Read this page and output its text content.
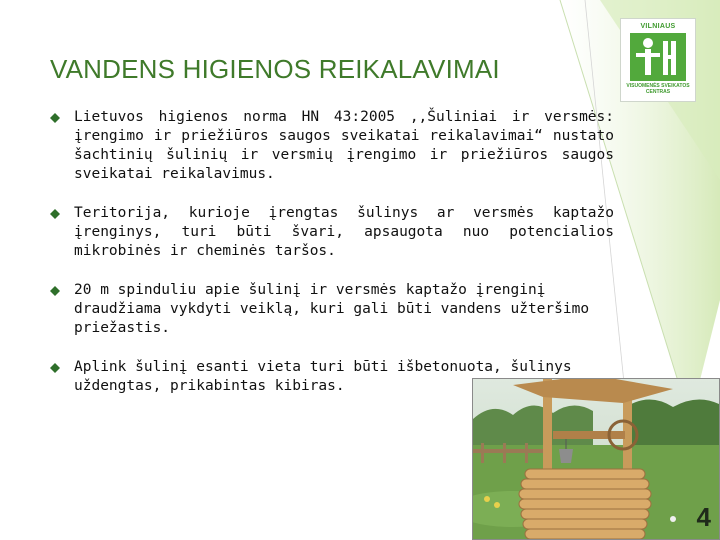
VANDENS HIGIENOS REIKALAVIMAI
Lietuvos higienos norma HN 43:2005 ,,Šuliniai ir versmės: įrengimo ir priežiūros saugos sveikatai reikalavimai“ nustato šachtinių šulinių ir versmių įrengimo ir priežiūros saugos sveikatai reikalavimus.
Teritorija, kurioje įrengtas šulinys ar versmės kaptažo įrenginys, turi būti švari, apsaugota nuo potencialios mikrobinės ir cheminės taršos.
20 m spinduliu apie šulinį ir versmės kaptažo įrenginį draudžiama vykdyti veiklą, kuri gali būti vandens užteršimo priežastis.
Aplink šulinį esanti vieta turi būti išbetonuota, šulinys uždengtas, prikabintas kibiras.
VILNIAUS
VISUOMENĖS SVEIKATOS
CENTRAS
4
